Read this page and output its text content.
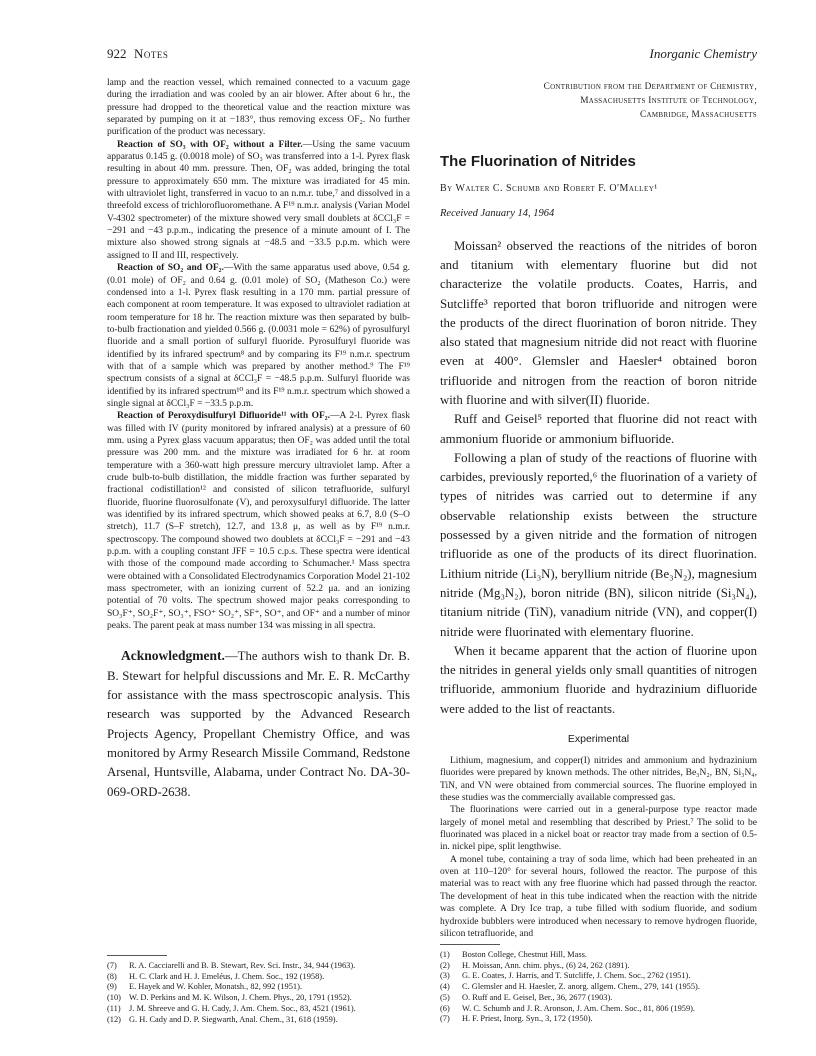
922 Notes	Inorganic Chemistry

lamp and the reaction vessel, which remained connected to a vacuum gage during the irradiation and was cooled by an air blower. After about 6 hr., the pressure had dropped to the theoretical value and the reaction mixture was separated by pumping on it at −183°, thus removing excess OF₂. No further purification of the product was necessary.

Reaction of SO₃ with OF₂ without a Filter.—Using the same vacuum apparatus 0.145 g. (0.0018 mole) of SO₃ was transferred into a 1-l. Pyrex flask resulting in about 40 mm. pressure. Then, OF₂ was added, bringing the total pressure to approximately 650 mm. The mixture was irradiated for 45 min. with ultraviolet light, transferred in vacuo to an n.m.r. tube,⁷ and dissolved in a threefold excess of trichlorofluoromethane. A F¹⁹ n.m.r. analysis (Varian Model V-4302 spectrometer) of the mixture showed very small doublets at δCCl₃F = −291 and −43 p.p.m., indicating the presence of a minute amount of I. The mixture also showed strong signals at −48.5 and −33.5 p.p.m. which were assigned to II and III, respectively.

Reaction of SO₂ and OF₂.—With the same apparatus used above, 0.54 g. (0.01 mole) of OF₂ and 0.64 g. (0.01 mole) of SO₂ (Matheson Co.) were condensed into a 1-l. Pyrex flask resulting in a 170 mm. partial pressure of each component at room temperature. It was exposed to ultraviolet radiation at room temperature for 18 hr. The reaction mixture was then separated by bulb-to-bulb fractionation and yielded 0.566 g. (0.0031 mole = 62%) of pyrosulfuryl fluoride and a small portion of sulfuryl fluoride. Pyrosulfuryl fluoride was identified by its infrared spectrum⁸ and by comparing its F¹⁹ n.m.r. spectrum with that of a sample which was prepared by another method.⁹ The F¹⁹ spectrum consists of a signal at δCCl₃F = −48.5 p.p.m. Sulfuryl fluoride was identified by its infrared spectrum¹⁰ and its F¹⁹ n.m.r. spectrum which showed a single signal at δCCl₃F = −33.5 p.p.m.

Reaction of Peroxydisulfuryl Difluoride¹¹ with OF₂.—A 2-l. Pyrex flask was filled with IV (purity monitored by infrared analysis) at a pressure of 60 mm. using a Pyrex glass vacuum apparatus; then OF₂ was added until the total pressure was 200 mm. and the mixture was irradiated for 6 hr. at room temperature with a 360-watt high pressure mercury ultraviolet lamp. After a crude bulb-to-bulb distillation, the middle fraction was further separated by fractional codistillation¹² and consisted of silicon tetrafluoride, sulfuryl fluoride, fluorine fluorosulfonate (V), and peroxysulfuryl difluoride. The latter was identified by its infrared spectrum, which showed peaks at 6.7, 8.0 (S–O stretch), 11.7 (S–F stretch), 12.7, and 13.8 μ, as well as by F¹⁹ n.m.r. spectroscopy. The compound showed two doublets at δCCl₃F = −291 and −43 p.p.m. with a coupling constant JFF = 10.5 c.p.s. These spectra were identical with those of the compound made according to Schumacher.¹ Mass spectra were obtained with a Consolidated Electrodynamics Corporation Model 21-102 mass spectrometer, with an ionizing current of 52.2 μa. and an ionizing potential of 70 volts. The spectrum showed major peaks corresponding to SO₃F⁺, SO₂F⁺, SO₃⁺, FSO⁺ SO₂⁺, SF⁺, SO⁺, and OF⁺ and a number of minor peaks. The parent peak at mass number 134 was missing in all spectra.

Acknowledgment.—The authors wish to thank Dr. B. B. Stewart for helpful discussions and Mr. E. R. McCarthy for assistance with the mass spectroscopic analysis. This research was supported by the Advanced Research Projects Agency, Propellant Chemistry Office, and was monitored by Army Research Missile Command, Redstone Arsenal, Huntsville, Alabama, under Contract No. DA-30-069-ORD-2638.

Contribution from the Department of Chemistry,
Massachusetts Institute of Technology,
Cambridge, Massachusetts
The Fluorination of Nitrides
By Walter C. Schumb and Robert F. O'Malley¹
Received January 14, 1964

Moissan² observed the reactions of the nitrides of boron and titanium with elementary fluorine but did not characterize the volatile products. Coates, Harris, and Sutcliffe³ reported that boron trifluoride and nitrogen were the products of the direct fluorination of boron nitride. They also stated that magnesium nitride did not react with fluorine even at 400°. Glemsler and Haesler⁴ obtained boron trifluoride and nitrogen from the reaction of boron nitride with fluorine and with silver(II) fluoride.

Ruff and Geisel⁵ reported that fluorine did not react with ammonium fluoride or ammonium bifluoride.

Following a plan of study of the reactions of fluorine with carbides, previously reported,⁶ the fluorination of a variety of types of nitrides was carried out to determine if any observable relationship exists between the structure possessed by a given nitride and the formation of nitrogen trifluoride as one of the products of its direct fluorination. Lithium nitride (Li₃N), beryllium nitride (Be₃N₂), magnesium nitride (Mg₃N₂), boron nitride (BN), silicon nitride (Si₃N₄), titanium nitride (TiN), vanadium nitride (VN), and copper(I) nitride were fluorinated with elementary fluorine.

When it became apparent that the action of fluorine upon the nitrides in general yields only small quantities of nitrogen trifluoride, ammonium fluoride and hydrazinium difluoride were added to the list of reactants.

Experimental

Lithium, magnesium, and copper(I) nitrides and ammonium and hydrazinium fluorides were prepared by known methods. The other nitrides, Be₃N₂, BN, Si₃N₄, TiN, and VN were obtained from commercial sources. The fluorine employed in these studies was the commercially available compressed gas.

The fluorinations were carried out in a general-purpose type reactor made largely of monel metal and resembling that described by Priest.⁷ The solid to be fluorinated was placed in a nickel boat or reactor tray made from a section of 0.5-in. nickel pipe, split lengthwise.

A monel tube, containing a tray of soda lime, which had been preheated in an oven at 110–120° for several hours, followed the reactor. The purpose of this material was to react with any free fluorine which had passed through the reactor. The development of heat in this tube indicated when the reaction with the nitride was complete. A Dry Ice trap, a tube filled with sodium fluoride, and sodium hydroxide bubblers were introduced when necessary to remove hydrogen fluoride, silicon tetrafluoride, and

(7) R. A. Cacciarelli and B. B. Stewart, Rev. Sci. Instr., 34, 944 (1963).
(8) H. C. Clark and H. J. Emeléus, J. Chem. Soc., 192 (1958).
(9) E. Hayek and W. Kohler, Monatsh., 82, 992 (1951).
(10) W. D. Perkins and M. K. Wilson, J. Chem. Phys., 20, 1791 (1952).
(11) J. M. Shreeve and G. H. Cady, J. Am. Chem. Soc., 83, 4521 (1961).
(12) G. H. Cady and D. P. Siegwarth, Anal. Chem., 31, 618 (1959).
(1) Boston College, Chestnut Hill, Mass.
(2) H. Moissan, Ann. chim. phys., (6) 24, 262 (1891).
(3) G. E. Coates, J. Harris, and T. Sutcliffe, J. Chem. Soc., 2762 (1951).
(4) C. Glemsler and H. Haesler, Z. anorg. allgem. Chem., 279, 141 (1955).
(5) O. Ruff and E. Geisel, Ber., 36, 2677 (1903).
(6) W. C. Schumb and J. R. Aronson, J. Am. Chem. Soc., 81, 806 (1959).
(7) H. F. Priest, Inorg. Syn., 3, 172 (1950).
